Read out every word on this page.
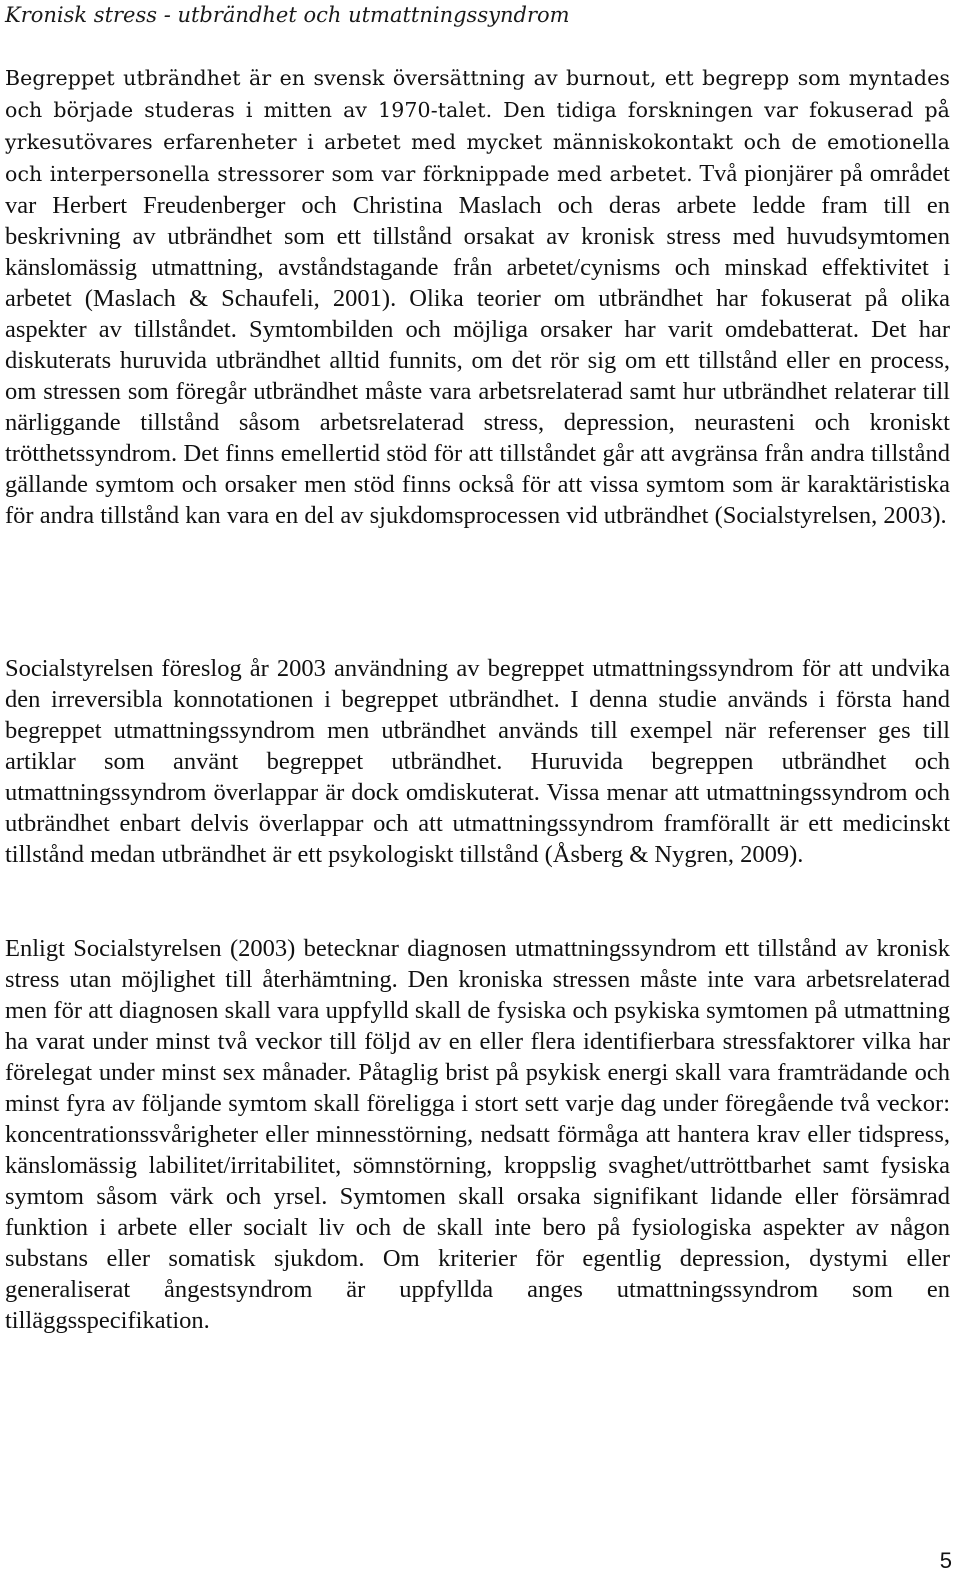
Kronisk stress - utbrändhet och utmattningssyndrom

Begreppet utbrändhet är en svensk översättning av burnout, ett begrepp som myntades och började studeras i mitten av 1970-talet. Den tidiga forskningen var fokuserad på yrkesutövares erfarenheter i arbetet med mycket människokontakt och de emotionella och interpersonella stressorer som var förknippade med arbetet. Två pionjärer på området var Herbert Freudenberger och Christina Maslach och deras arbete ledde fram till en beskrivning av utbrändhet som ett tillstånd orsakat av kronisk stress med huvudsymtomen känslomässig utmattning, avståndstagande från arbetet/cynisms och minskad effektivitet i arbetet (Maslach & Schaufeli, 2001). Olika teorier om utbrändhet har fokuserat på olika aspekter av tillståndet. Symtombilden och möjliga orsaker har varit omdebatterat. Det har diskuterats huruvida utbrändhet alltid funnits, om det rör sig om ett tillstånd eller en process, om stressen som föregår utbrändhet måste vara arbetsrelaterad samt hur utbrändhet relaterar till närliggande tillstånd såsom arbetsrelaterad stress, depression, neurasteni och kroniskt trötthetssyndrom. Det finns emellertid stöd för att tillståndet går att avgränsa från andra tillstånd gällande symtom och orsaker men stöd finns också för att vissa symtom som är karaktäristiska för andra tillstånd kan vara en del av sjukdomsprocessen vid utbrändhet (Socialstyrelsen, 2003).

Socialstyrelsen föreslog år 2003 användning av begreppet utmattningssyndrom för att undvika den irreversibla konnotationen i begreppet utbrändhet. I denna studie används i första hand begreppet utmattningssyndrom men utbrändhet används till exempel när referenser ges till artiklar som använt begreppet utbrändhet. Huruvida begreppen utbrändhet och utmattningssyndrom överlappar är dock omdiskuterat. Vissa menar att utmattningssyndrom och utbrändhet enbart delvis överlappar och att utmattningssyndrom framförallt är ett medicinskt tillstånd medan utbrändhet är ett psykologiskt tillstånd (Åsberg & Nygren, 2009).

Enligt Socialstyrelsen (2003) betecknar diagnosen utmattningssyndrom ett tillstånd av kronisk stress utan möjlighet till återhämtning. Den kroniska stressen måste inte vara arbetsrelaterad men för att diagnosen skall vara uppfylld skall de fysiska och psykiska symtomen på utmattning ha varat under minst två veckor till följd av en eller flera identifierbara stressfaktorer vilka har förelegat under minst sex månader. Påtaglig brist på psykisk energi skall vara framträdande och minst fyra av följande symtom skall föreligga i stort sett varje dag under föregående två veckor: koncentrationssvårigheter eller minnesstörning, nedsatt förmåga att hantera krav eller tidspress, känslomässig labilitet/irritabilitet, sömnstörning, kroppslig svaghet/uttröttbarhet samt fysiska symtom såsom värk och yrsel. Symtomen skall orsaka signifikant lidande eller försämrad funktion i arbete eller socialt liv och de skall inte bero på fysiologiska aspekter av någon substans eller somatisk sjukdom. Om kriterier för egentlig depression, dystymi eller generaliserat ångestsyndrom är uppfyllda anges utmattningssyndrom som en tilläggsspecifikation.

5
